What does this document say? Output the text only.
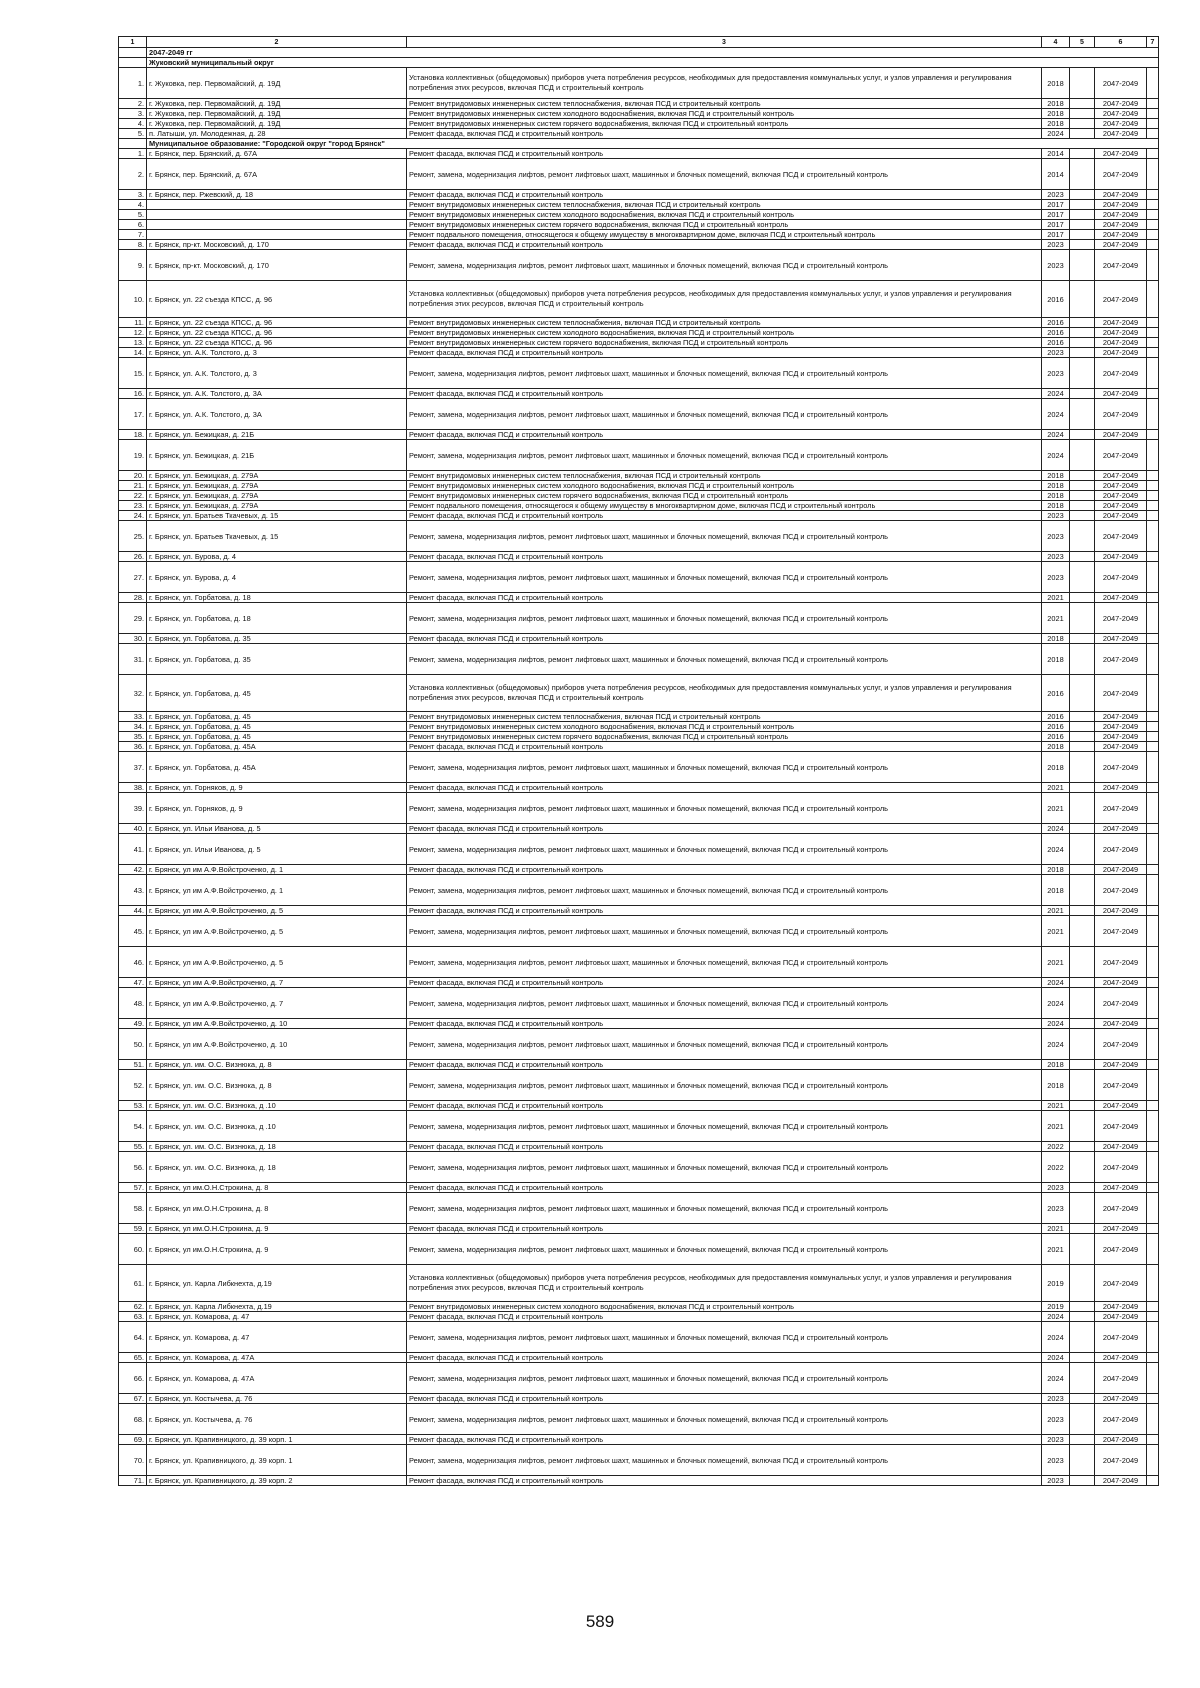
1	2	3	4	5	6	7
	2047-2049 гг					
	Жуковский муниципальный округ					
1.	г. Жуковка, пер. Первомайский, д. 19Д	Установка коллективных (общедомовых) приборов учета потребления ресурсов, необходимых для предоставления коммунальных услуг, и узлов управления и регулирования потребления этих ресурсов, включая ПСД и строительный контроль	2018		2047-2049	
2.	г. Жуковка, пер. Первомайский, д. 19Д	Ремонт внутридомовых инженерных систем теплоснабжения, включая ПСД и строительный контроль	2018		2047-2049	
3.	г. Жуковка, пер. Первомайский, д. 19Д	Ремонт внутридомовых инженерных систем холодного водоснабжения, включая ПСД и строительный контроль	2018		2047-2049	
4.	г. Жуковка, пер. Первомайский, д. 19Д	Ремонт внутридомовых инженерных систем горячего водоснабжения, включая ПСД и строительный контроль	2018		2047-2049	
5.	п. Латыши, ул. Молодежная, д. 28	Ремонт фасада, включая ПСД и строительный контроль	2024		2047-2049	
	Муниципальное образование: "Городской округ "город Брянск"					
1.	г. Брянск, пер. Брянский, д. 67А	Ремонт фасада, включая ПСД и строительный контроль	2014		2047-2049	
2.	г. Брянск, пер. Брянский, д. 67А	Ремонт, замена, модернизация лифтов, ремонт лифтовых шахт, машинных и блочных помещений, включая ПСД и строительный контроль	2014		2047-2049	
3.	г. Брянск, пер. Ржевский, д. 18	Ремонт фасада, включая ПСД и строительный контроль	2023		2047-2049	
4.		Ремонт внутридомовых инженерных систем теплоснабжения, включая ПСД и строительный контроль	2017		2047-2049	
5.		Ремонт внутридомовых инженерных систем холодного водоснабжения, включая ПСД и строительный контроль	2017		2047-2049	
6.		Ремонт внутридомовых инженерных систем горячего водоснабжения, включая ПСД и строительный контроль	2017		2047-2049	
7.		Ремонт подвального помещения, относящегося к общему имуществу в многоквартирном доме, включая ПСД и строительный контроль	2017		2047-2049	
8.	г. Брянск, пр-кт. Московский, д. 170	Ремонт фасада, включая ПСД и строительный контроль	2023		2047-2049	
9.	г. Брянск, пр-кт. Московский, д. 170	Ремонт, замена, модернизация лифтов, ремонт лифтовых шахт, машинных и блочных помещений, включая ПСД и строительный контроль	2023		2047-2049	
10.	г. Брянск, ул. 22 съезда КПСС, д. 96	Установка коллективных (общедомовых) приборов учета потребления ресурсов, необходимых для предоставления коммунальных услуг, и узлов управления и регулирования потребления этих ресурсов, включая ПСД и строительный контроль	2016		2047-2049	
11.	г. Брянск, ул. 22 съезда КПСС, д. 96	Ремонт внутридомовых инженерных систем теплоснабжения, включая ПСД и строительный контроль	2016		2047-2049	
12.	г. Брянск, ул. 22 съезда КПСС, д. 96	Ремонт внутридомовых инженерных систем холодного водоснабжения, включая ПСД и строительный контроль	2016		2047-2049	
13.	г. Брянск, ул. 22 съезда КПСС, д. 96	Ремонт внутридомовых инженерных систем горячего водоснабжения, включая ПСД и строительный контроль	2016		2047-2049	
14.	г. Брянск, ул. А.К. Толстого, д. 3	Ремонт фасада, включая ПСД и строительный контроль	2023		2047-2049	
15.	г. Брянск, ул. А.К. Толстого, д. 3	Ремонт, замена, модернизация лифтов, ремонт лифтовых шахт, машинных и блочных помещений, включая ПСД и строительный контроль	2023		2047-2049	
16.	г. Брянск, ул. А.К. Толстого, д. 3А	Ремонт фасада, включая ПСД и строительный контроль	2024		2047-2049	
17.	г. Брянск, ул. А.К. Толстого, д. 3А	Ремонт, замена, модернизация лифтов, ремонт лифтовых шахт, машинных и блочных помещений, включая ПСД и строительный контроль	2024		2047-2049	
18.	г. Брянск, ул. Бежицкая, д. 21Б	Ремонт фасада, включая ПСД и строительный контроль	2024		2047-2049	
19.	г. Брянск, ул. Бежицкая, д. 21Б	Ремонт, замена, модернизация лифтов, ремонт лифтовых шахт, машинных и блочных помещений, включая ПСД и строительный контроль	2024		2047-2049	
20.	г. Брянск, ул. Бежицкая, д. 279А	Ремонт внутридомовых инженерных систем теплоснабжения, включая ПСД и строительный контроль	2018		2047-2049	
21.	г. Брянск, ул. Бежицкая, д. 279А	Ремонт внутридомовых инженерных систем холодного водоснабжения, включая ПСД и строительный контроль	2018		2047-2049	
22.	г. Брянск, ул. Бежицкая, д. 279А	Ремонт внутридомовых инженерных систем горячего водоснабжения, включая ПСД и строительный контроль	2018		2047-2049	
23.	г. Брянск, ул. Бежицкая, д. 279А	Ремонт подвального помещения, относящегося к общему имуществу в многоквартирном доме, включая ПСД и строительный контроль	2018		2047-2049	
24.	г. Брянск, ул. Братьев Ткачевых, д. 15	Ремонт фасада, включая ПСД и строительный контроль	2023		2047-2049	
25.	г. Брянск, ул. Братьев Ткачевых, д. 15	Ремонт, замена, модернизация лифтов, ремонт лифтовых шахт, машинных и блочных помещений, включая ПСД и строительный контроль	2023		2047-2049	
26.	г. Брянск, ул. Бурова, д. 4	Ремонт фасада, включая ПСД и строительный контроль	2023		2047-2049	
27.	г. Брянск, ул. Бурова, д. 4	Ремонт, замена, модернизация лифтов, ремонт лифтовых шахт, машинных и блочных помещений, включая ПСД и строительный контроль	2023		2047-2049	
28.	г. Брянск, ул. Горбатова, д. 18	Ремонт фасада, включая ПСД и строительный контроль	2021		2047-2049	
29.	г. Брянск, ул. Горбатова, д. 18	Ремонт, замена, модернизация лифтов, ремонт лифтовых шахт, машинных и блочных помещений, включая ПСД и строительный контроль	2021		2047-2049	
30.	г. Брянск, ул. Горбатова, д. 35	Ремонт фасада, включая ПСД и строительный контроль	2018		2047-2049	
31.	г. Брянск, ул. Горбатова, д. 35	Ремонт, замена, модернизация лифтов, ремонт лифтовых шахт, машинных и блочных помещений, включая ПСД и строительный контроль	2018		2047-2049	
32.	г. Брянск, ул. Горбатова, д. 45	Установка коллективных (общедомовых) приборов учета потребления ресурсов, необходимых для предоставления коммунальных услуг, и узлов управления и регулирования потребления этих ресурсов, включая ПСД и строительный контроль	2016		2047-2049	
33.	г. Брянск, ул. Горбатова, д. 45	Ремонт внутридомовых инженерных систем теплоснабжения, включая ПСД и строительный контроль	2016		2047-2049	
34.	г. Брянск, ул. Горбатова, д. 45	Ремонт внутридомовых инженерных систем холодного водоснабжения, включая ПСД и строительный контроль	2016		2047-2049	
35.	г. Брянск, ул. Горбатова, д. 45	Ремонт внутридомовых инженерных систем горячего водоснабжения, включая ПСД и строительный контроль	2016		2047-2049	
36.	г. Брянск, ул. Горбатова, д. 45А	Ремонт фасада, включая ПСД и строительный контроль	2018		2047-2049	
37.	г. Брянск, ул. Горбатова, д. 45А	Ремонт, замена, модернизация лифтов, ремонт лифтовых шахт, машинных и блочных помещений, включая ПСД и строительный контроль	2018		2047-2049	
38.	г. Брянск, ул. Горняков, д. 9	Ремонт фасада, включая ПСД и строительный контроль	2021		2047-2049	
39.	г. Брянск, ул. Горняков, д. 9	Ремонт, замена, модернизация лифтов, ремонт лифтовых шахт, машинных и блочных помещений, включая ПСД и строительный контроль	2021		2047-2049	
40.	г. Брянск, ул. Ильи Иванова, д. 5	Ремонт фасада, включая ПСД и строительный контроль	2024		2047-2049	
41.	г. Брянск, ул. Ильи Иванова, д. 5	Ремонт, замена, модернизация лифтов, ремонт лифтовых шахт, машинных и блочных помещений, включая ПСД и строительный контроль	2024		2047-2049	
42.	г. Брянск, ул им А.Ф.Войстроченко, д. 1	Ремонт фасада, включая ПСД и строительный контроль	2018		2047-2049	
43.	г. Брянск, ул им А.Ф.Войстроченко, д. 1	Ремонт, замена, модернизация лифтов, ремонт лифтовых шахт, машинных и блочных помещений, включая ПСД и строительный контроль	2018		2047-2049	
44.	г. Брянск, ул им А.Ф.Войстроченко, д. 5	Ремонт фасада, включая ПСД и строительный контроль	2021		2047-2049	
45.	г. Брянск, ул им А.Ф.Войстроченко, д. 5	Ремонт, замена, модернизация лифтов, ремонт лифтовых шахт, машинных и блочных помещений, включая ПСД и строительный контроль	2021		2047-2049	
46.	г. Брянск, ул им А.Ф.Войстроченко, д. 5	Ремонт, замена, модернизация лифтов, ремонт лифтовых шахт, машинных и блочных помещений, включая ПСД и строительный контроль	2021		2047-2049	
47.	г. Брянск, ул им А.Ф.Войстроченко, д. 7	Ремонт фасада, включая ПСД и строительный контроль	2024		2047-2049	
48.	г. Брянск, ул им А.Ф.Войстроченко, д. 7	Ремонт, замена, модернизация лифтов, ремонт лифтовых шахт, машинных и блочных помещений, включая ПСД и строительный контроль	2024		2047-2049	
49.	г. Брянск, ул им А.Ф.Войстроченко, д. 10	Ремонт фасада, включая ПСД и строительный контроль	2024		2047-2049	
50.	г. Брянск, ул им А.Ф.Войстроченко, д. 10	Ремонт, замена, модернизация лифтов, ремонт лифтовых шахт, машинных и блочных помещений, включая ПСД и строительный контроль	2024		2047-2049	
51.	г. Брянск, ул. им. О.С. Визнюка, д. 8	Ремонт фасада, включая ПСД и строительный контроль	2018		2047-2049	
52.	г. Брянск, ул. им. О.С. Визнюка, д. 8	Ремонт, замена, модернизация лифтов, ремонт лифтовых шахт, машинных и блочных помещений, включая ПСД и строительный контроль	2018		2047-2049	
53.	г. Брянск, ул. им. О.С. Визнюка, д .10	Ремонт фасада, включая ПСД и строительный контроль	2021		2047-2049	
54.	г. Брянск, ул. им. О.С. Визнюка, д .10	Ремонт, замена, модернизация лифтов, ремонт лифтовых шахт, машинных и блочных помещений, включая ПСД и строительный контроль	2021		2047-2049	
55.	г. Брянск, ул. им. О.С. Визнюка, д. 18	Ремонт фасада, включая ПСД и строительный контроль	2022		2047-2049	
56.	г. Брянск, ул. им. О.С. Визнюка, д. 18	Ремонт, замена, модернизация лифтов, ремонт лифтовых шахт, машинных и блочных помещений, включая ПСД и строительный контроль	2022		2047-2049	
57.	г. Брянск, ул им.О.Н.Строкина, д. 8	Ремонт фасада, включая ПСД и строительный контроль	2023		2047-2049	
58.	г. Брянск, ул им.О.Н.Строкина, д. 8	Ремонт, замена, модернизация лифтов, ремонт лифтовых шахт, машинных и блочных помещений, включая ПСД и строительный контроль	2023		2047-2049	
59.	г. Брянск, ул им.О.Н.Строкина, д. 9	Ремонт фасада, включая ПСД и строительный контроль	2021		2047-2049	
60.	г. Брянск, ул им.О.Н.Строкина, д. 9	Ремонт, замена, модернизация лифтов, ремонт лифтовых шахт, машинных и блочных помещений, включая ПСД и строительный контроль	2021		2047-2049	
61.	г. Брянск, ул. Карла Либкнехта, д.19	Установка коллективных (общедомовых) приборов учета потребления ресурсов, необходимых для предоставления коммунальных услуг, и узлов управления и регулирования потребления этих ресурсов, включая ПСД и строительный контроль	2019		2047-2049	
62.	г. Брянск, ул. Карла Либкнехта, д.19	Ремонт внутридомовых инженерных систем холодного водоснабжения, включая ПСД и строительный контроль	2019		2047-2049	
63.	г. Брянск, ул. Комарова, д. 47	Ремонт фасада, включая ПСД и строительный контроль	2024		2047-2049	
64.	г. Брянск, ул. Комарова, д. 47	Ремонт, замена, модернизация лифтов, ремонт лифтовых шахт, машинных и блочных помещений, включая ПСД и строительный контроль	2024		2047-2049	
65.	г. Брянск, ул. Комарова, д. 47А	Ремонт фасада, включая ПСД и строительный контроль	2024		2047-2049	
66.	г. Брянск, ул. Комарова, д. 47А	Ремонт, замена, модернизация лифтов, ремонт лифтовых шахт, машинных и блочных помещений, включая ПСД и строительный контроль	2024		2047-2049	
67.	г. Брянск, ул. Костычева, д. 76	Ремонт фасада, включая ПСД и строительный контроль	2023		2047-2049	
68.	г. Брянск, ул. Костычева, д. 76	Ремонт, замена, модернизация лифтов, ремонт лифтовых шахт, машинных и блочных помещений, включая ПСД и строительный контроль	2023		2047-2049	
69.	г. Брянск, ул. Крапивницкого, д. 39 корп. 1	Ремонт фасада, включая ПСД и строительный контроль	2023		2047-2049	
70.	г. Брянск, ул. Крапивницкого, д. 39 корп. 1	Ремонт, замена, модернизация лифтов, ремонт лифтовых шахт, машинных и блочных помещений, включая ПСД и строительный контроль	2023		2047-2049	
71.	г. Брянск, ул. Крапивницкого, д. 39 корп. 2	Ремонт фасада, включая ПСД и строительный контроль	2023		2047-2049	
589
